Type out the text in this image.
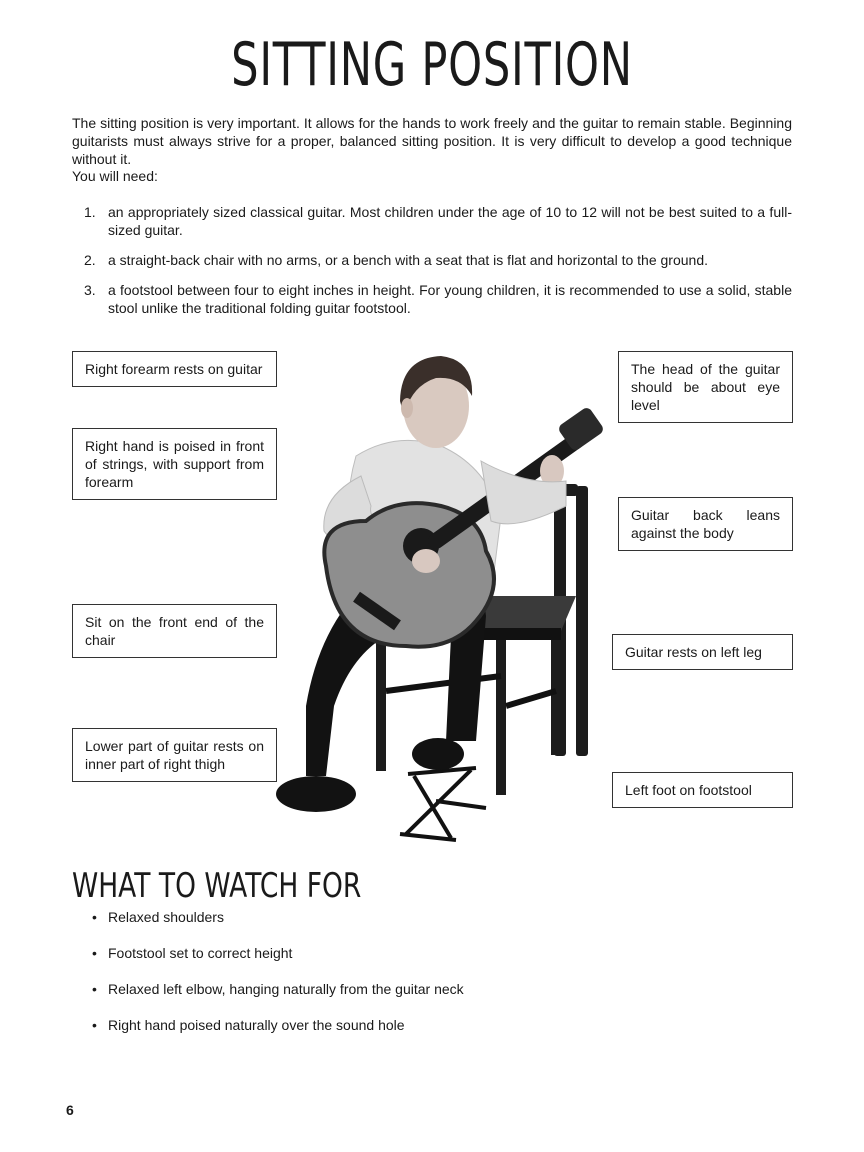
SITTING POSITION

The sitting position is very important. It allows for the hands to work freely and the guitar to remain stable. Beginning guitarists must always strive for a proper, balanced sitting position. It is very difficult to develop a good technique without it.

You will need:

1. an appropriately sized classical guitar. Most children under the age of 10 to 12 will not be best suited to a full-sized guitar.
2. a straight-back chair with no arms, or a bench with a seat that is flat and horizontal to the ground.
3. a footstool between four to eight inches in height. For young children, it is recommended to use a solid, stable stool unlike the traditional folding guitar footstool.
Right forearm rests on guitar
Right hand is poised in front of strings, with support from forearm
Sit on the front end of the chair
Lower part of guitar rests on inner part of right thigh
The head of the guitar should be about eye level
Guitar back leans against the body
Guitar rests on left leg
Left foot on footstool
WHAT TO WATCH FOR
• Relaxed shoulders
• Footstool set to correct height
• Relaxed left elbow, hanging naturally from the guitar neck
• Right hand poised naturally over the sound hole
6
